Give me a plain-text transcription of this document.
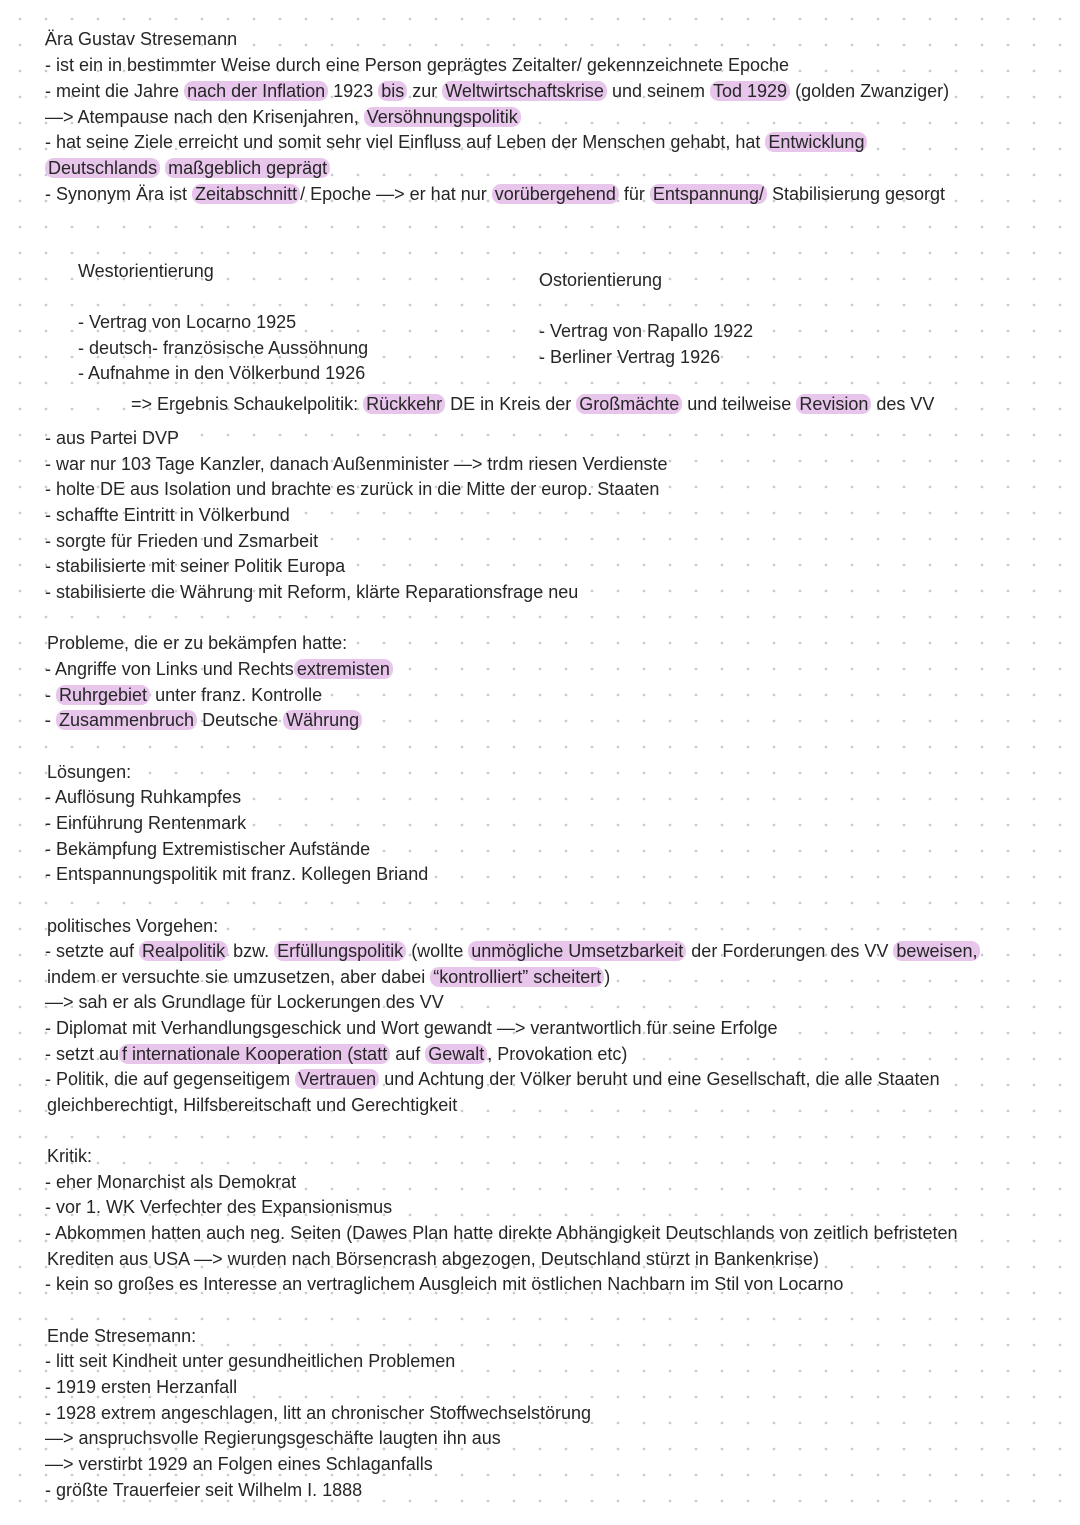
Ära Gustav Stresemann
- ist ein in bestimmter Weise durch eine Person geprägtes Zeitalter/ gekennzeichnete Epoche
- meint die Jahre nach der Inflation 1923 bis zur Weltwirtschaftskrise und seinem Tod 1929 (golden Zwanziger)
—> Atempause nach den Krisenjahren, Versöhnungspolitik
- hat seine Ziele erreicht und somit sehr viel Einfluss auf Leben der Menschen gehabt, hat Entwicklung
Deutschlands maßgeblich geprägt
- Synonym Ära ist Zeitabschnitt / Epoche —> er hat nur vorübergehend für Entspannung/ Stabilisierung gesorgt
Westorientierung
- Vertrag von Locarno 1925
- deutsch- französische Aussöhnung
- Aufnahme in den Völkerbund 1926
Ostorientierung
- Vertrag von Rapallo 1922
- Berliner Vertrag 1926
=> Ergebnis Schaukelpolitik: Rückkehr DE in Kreis der Großmächte und teilweise Revision des VV
- aus Partei DVP
- war nur 103 Tage Kanzler, danach Außenminister —> trdm riesen Verdienste
- holte DE aus Isolation und brachte es zurück in die Mitte der europ. Staaten
- schaffte Eintritt in Völkerbund
- sorgte für Frieden und Zsmarbeit
- stabilisierte mit seiner Politik Europa
- stabilisierte die Währung mit Reform, klärte Reparationsfrage neu
Probleme, die er zu bekämpfen hatte:
- Angriffe von Links und Rechts extremisten
- Ruhrgebiet unter franz. Kontrolle
- Zusammenbruch Deutsche Währung
Lösungen:
- Auflösung Ruhkampfes
- Einführung Rentenmark
- Bekämpfung Extremistischer Aufstände
- Entspannungspolitik mit franz. Kollegen Briand
politisches Vorgehen:
- setzte auf Realpolitik bzw. Erfüllungspolitik (wollte unmögliche Umsetzbarkeit der Forderungen des VV beweisen,
indem er versuchte sie umzusetzen, aber dabei “kontrolliert” scheitert )
—> sah er als Grundlage für Lockerungen des VV
- Diplomat mit Verhandlungsgeschick und Wort gewandt —> verantwortlich für seine Erfolge
- setzt au f internationale Kooperation (statt auf Gewalt , Provokation etc)
- Politik, die auf gegenseitigem Vertrauen und Achtung der Völker beruht und eine Gesellschaft, die alle Staaten
gleichberechtigt, Hilfsbereitschaft und Gerechtigkeit
Kritik:
- eher Monarchist als Demokrat
- vor 1. WK Verfechter des Expansionismus
- Abkommen hatten auch neg. Seiten (Dawes Plan hatte direkte Abhängigkeit Deutschlands von zeitlich befristeten
Krediten aus USA —> wurden nach Börsencrash abgezogen, Deutschland stürzt in Bankenkrise)
- kein so großes es Interesse an vertraglichem Ausgleich mit östlichen Nachbarn im Stil von Locarno
Ende Stresemann:
- litt seit Kindheit unter gesundheitlichen Problemen
- 1919 ersten Herzanfall
- 1928 extrem angeschlagen, litt an chronischer Stoffwechselstörung
—> anspruchsvolle Regierungsgeschäfte laugten ihn aus
—> verstirbt 1929 an Folgen eines Schlaganfalls
- größte Trauerfeier seit Wilhelm I. 1888
